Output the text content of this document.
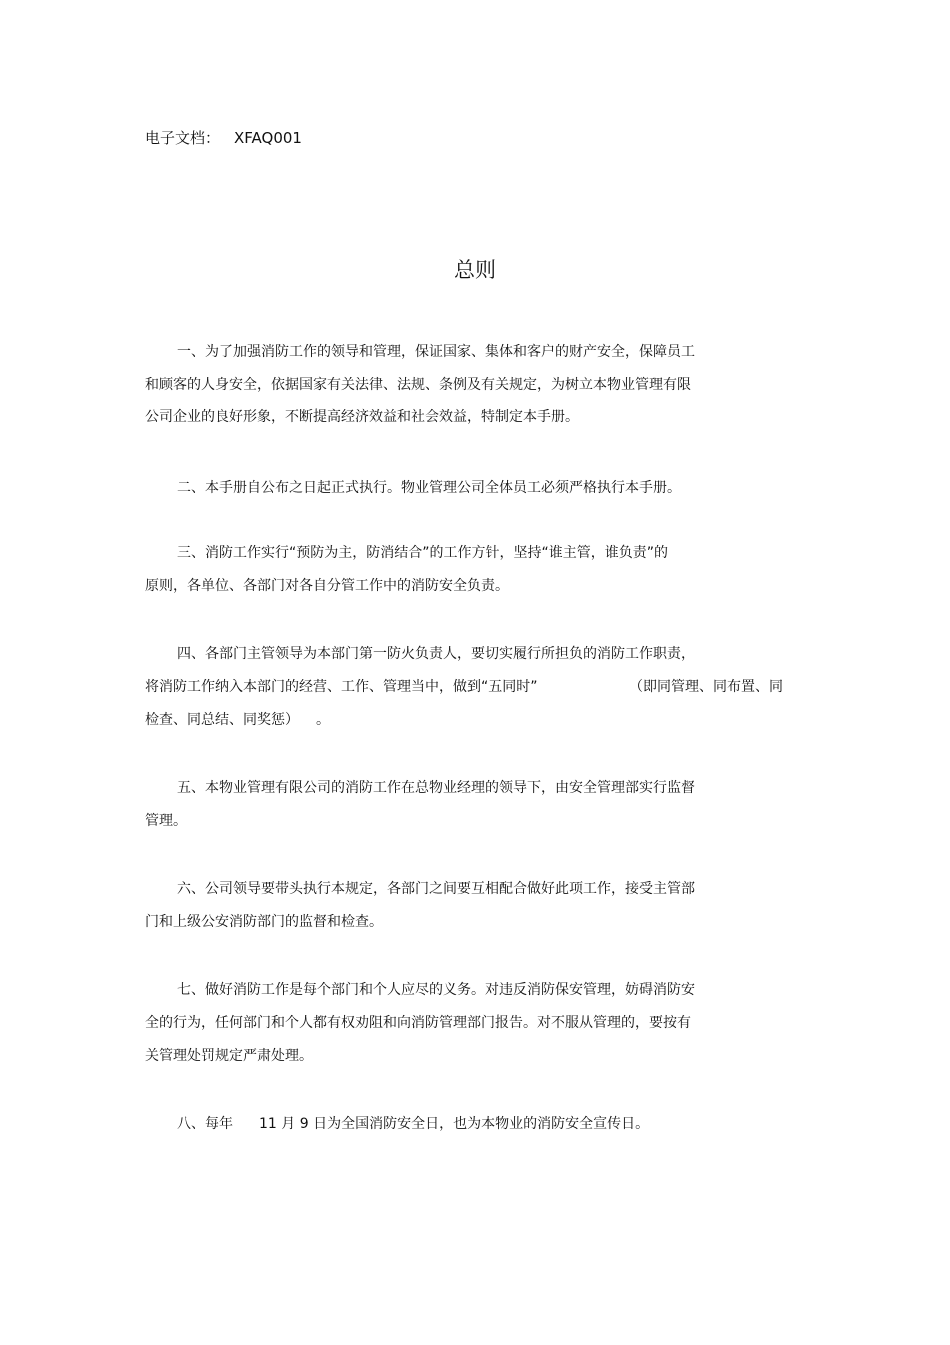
电子文档： XFAQ001
总则
一、为了加强消防工作的领导和管理，保证国家、集体和客户的财产安全，保障员工
和顾客的人身安全，依据国家有关法律、法规、条例及有关规定，为树立本物业管理有限
公司企业的良好形象，不断提高经济效益和社会效益，特制定本手册。
二、本手册自公布之日起正式执行。物业管理公司全体员工必须严格执行本手册。
三、消防工作实行“预防为主，防消结合”的工作方针，坚持“谁主管，谁负责”的
原则，各单位、各部门对各自分管工作中的消防安全负责。
四、各部门主管领导为本部门第一防火负责人，要切实履行所担负的消防工作职责，
将消防工作纳入本部门的经营、工作、管理当中，做到“五同时”	（即同管理、同布置、同
检查、同总结、同奖惩） 。
五、本物业管理有限公司的消防工作在总物业经理的领导下，由安全管理部实行监督
管理。
六、公司领导要带头执行本规定，各部门之间要互相配合做好此项工作，接受主管部
门和上级公安消防部门的监督和检查。
七、做好消防工作是每个部门和个人应尽的义务。对违反消防保安管理，妨碍消防安
全的行为，任何部门和个人都有权劝阻和向消防管理部门报告。对不服从管理的，要按有
关管理处罚规定严肃处理。
八、每年 11 月 9 日为全国消防安全日，也为本物业的消防安全宣传日。
